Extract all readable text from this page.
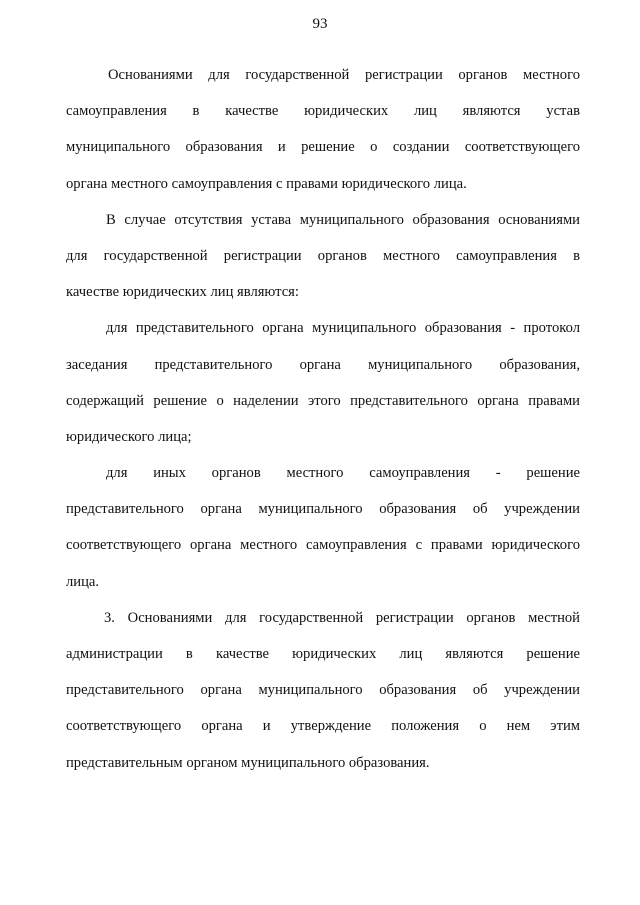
93
Основаниями для государственной регистрации органов местного
самоуправления в качестве юридических лиц являются устав
муниципального образования и решение о создании соответствующего
органа местного самоуправления с правами юридического лица.
В случае отсутствия устава муниципального образования основаниями
для государственной регистрации органов местного самоуправления в
качестве юридических лиц являются:
для представительного органа муниципального образования - протокол
заседания представительного органа муниципального образования,
содержащий решение о наделении этого представительного органа правами
юридического лица;
для иных органов местного самоуправления - решение
представительного органа муниципального образования об учреждении
соответствующего органа местного самоуправления с правами юридического
лица.
3. Основаниями для государственной регистрации органов местной
администрации в качестве юридических лиц являются решение
представительного органа муниципального образования об учреждении
соответствующего органа и утверждение положения о нем этим
представительным органом муниципального образования.
